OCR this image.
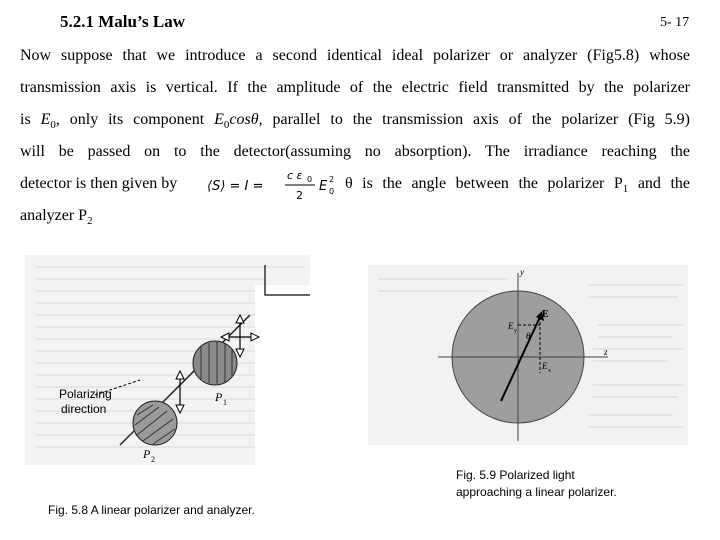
5.2.1 Malu’s Law	5- 17
Now suppose that we introduce a second identical ideal polarizer or analyzer (Fig5.8) whose
transmission axis is vertical. If the amplitude of the electric field transmitted by the polarizer
is $E_0$, only its component $E_0\cos\theta$, parallel to the transmission axis of the polarizer (Fig 5.9)
will be passed on to the detector(assuming no absorption). The irradiance reaching the
detector is then given by ⟨S⟩ = I =
c ε 0
2
E 0
2 θ is the angle between the polarizer $P_1$ and the
analyzer $P_2$
Polarizing
direction
P 1
P 2
y
z
E
E y
E x
θ
Fig. 5.8 A linear polarizer and analyzer.
Fig. 5.9 Polarized light
approaching a linear polarizer.
